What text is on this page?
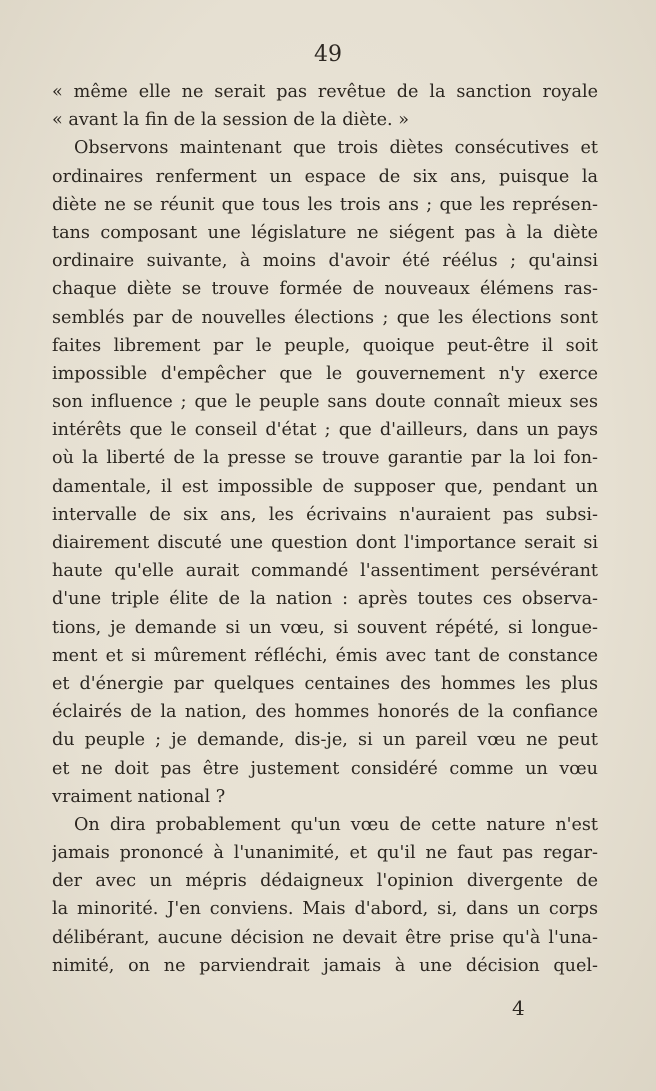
49
« même elle ne serait pas revêtue de la sanction royale
« avant la fin de la session de la diète. »
Observons maintenant que trois diètes consécutives et
ordinaires renferment un espace de six ans, puisque la
diète ne se réunit que tous les trois ans ; que les représen-
tans composant une législature ne siégent pas à la diète
ordinaire suivante, à moins d'avoir été réélus ; qu'ainsi
chaque diète se trouve formée de nouveaux élémens ras-
semblés par de nouvelles élections ; que les élections sont
faites librement par le peuple, quoique peut-être il soit
impossible d'empêcher que le gouvernement n'y exerce
son influence ; que le peuple sans doute connaît mieux ses
intérêts que le conseil d'état ; que d'ailleurs, dans un pays
où la liberté de la presse se trouve garantie par la loi fon-
damentale, il est impossible de supposer que, pendant un
intervalle de six ans, les écrivains n'auraient pas subsi-
diairement discuté une question dont l'importance serait si
haute qu'elle aurait commandé l'assentiment persévérant
d'une triple élite de la nation : après toutes ces observa-
tions, je demande si un vœu, si souvent répété, si longue-
ment et si mûrement réfléchi, émis avec tant de constance
et d'énergie par quelques centaines des hommes les plus
éclairés de la nation, des hommes honorés de la confiance
du peuple ; je demande, dis-je, si un pareil vœu ne peut
et ne doit pas être justement considéré comme un vœu
vraiment national ?
On dira probablement qu'un vœu de cette nature n'est
jamais prononcé à l'unanimité, et qu'il ne faut pas regar-
der avec un mépris dédaigneux l'opinion divergente de
la minorité. J'en conviens. Mais d'abord, si, dans un corps
délibérant, aucune décision ne devait être prise qu'à l'una-
nimité, on ne parviendrait jamais à une décision quel-
4
